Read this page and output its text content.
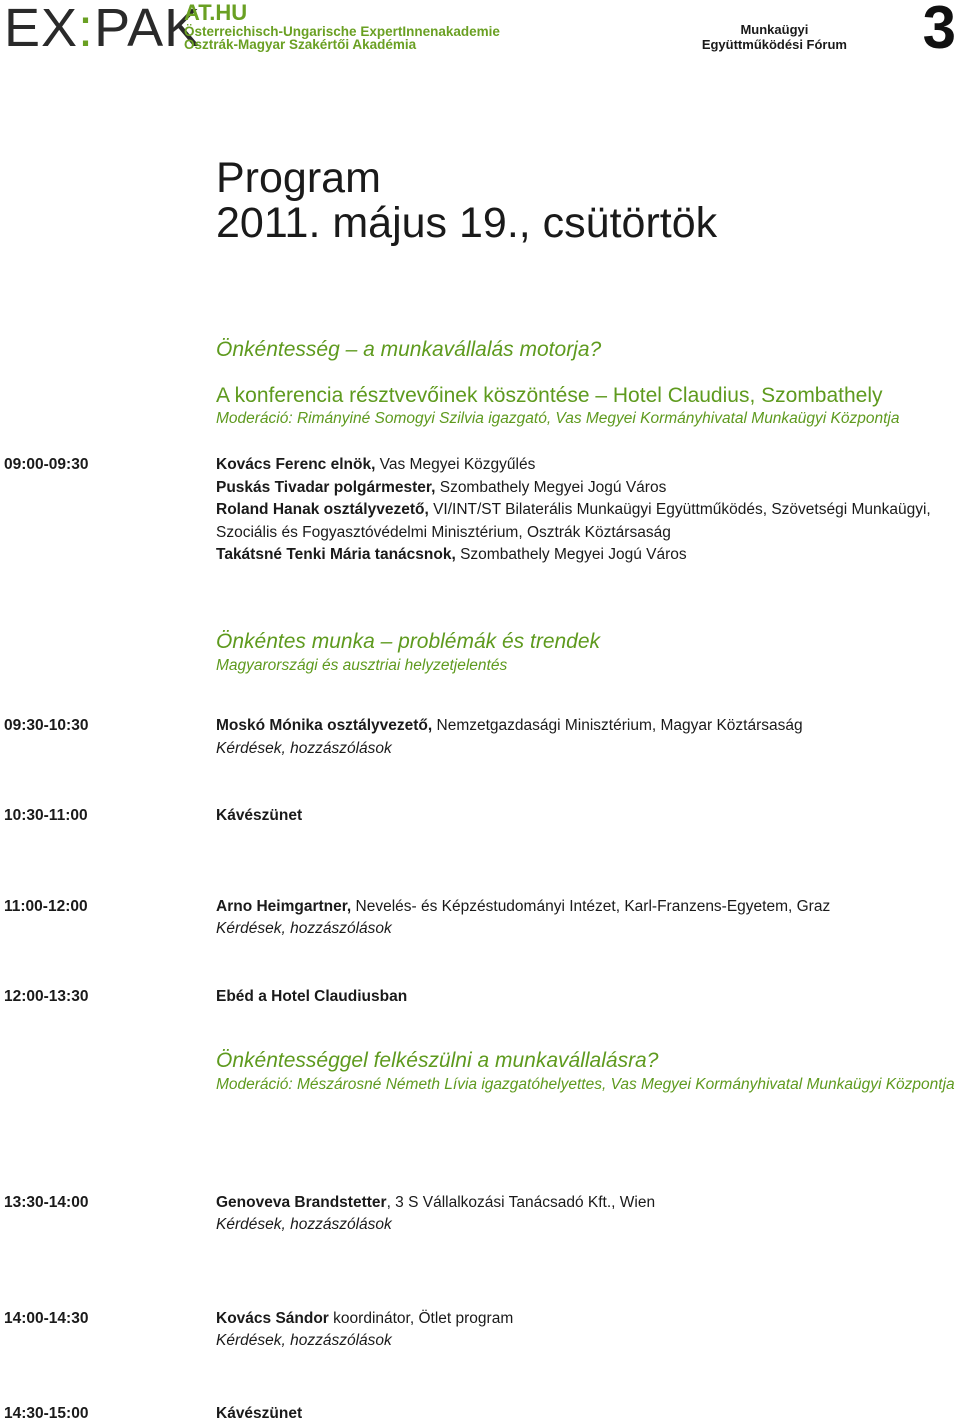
EX:PAK
AT.HU
Österreichisch-Ungarische ExpertInnenakademie
Osztrák-Magyar Szakértői Akadémia
Munkaügyi
Együttműködési Fórum 3
Program
2011. május 19., csütörtök
Önkéntesség – a munkavállalás motorja?
A konferencia résztvevőinek köszöntése – Hotel Claudius, Szombathely
Moderáció: Rimányiné Somogyi Szilvia igazgató, Vas Megyei Kormányhivatal Munkaügyi Központja
09:00-09:30	Kovács Ferenc elnök, Vas Megyei Közgyűlés
Puskás Tivadar polgármester, Szombathely Megyei Jogú Város
Roland Hanak osztályvezető, VI/INT/ST Bilaterális Munkaügyi Együttműködés, Szövetségi Munkaügyi, Szociális és Fogyasztóvédelmi Minisztérium, Osztrák Köztársaság
Takátsné Tenki Mária tanácsnok, Szombathely Megyei Jogú Város
Önkéntes munka – problémák és trendek
Magyarországi és ausztriai helyzetjelentés
09:30-10:30	Moskó Mónika osztályvezető, Nemzetgazdasági Minisztérium, Magyar Köztársaság
Kérdések, hozzászólások
10:30-11:00	Kávészünet
11:00-12:00	Arno Heimgartner, Nevelés- és Képzéstudományi Intézet, Karl-Franzens-Egyetem, Graz
Kérdések, hozzászólások
12:00-13:30	Ebéd a Hotel Claudiusban
Önkéntességgel felkészülni a munkavállalásra?
Moderáció: Mészárosné Németh Lívia igazgatóhelyettes, Vas Megyei Kormányhivatal Munkaügyi Központja
13:30-14:00	Genoveva Brandstetter, 3 S Vállalkozási Tanácsadó Kft., Wien
Kérdések, hozzászólások
14:00-14:30	Kovács Sándor koordinátor, Ötlet program
Kérdések, hozzászólások
14:30-15:00	Kávészünet
